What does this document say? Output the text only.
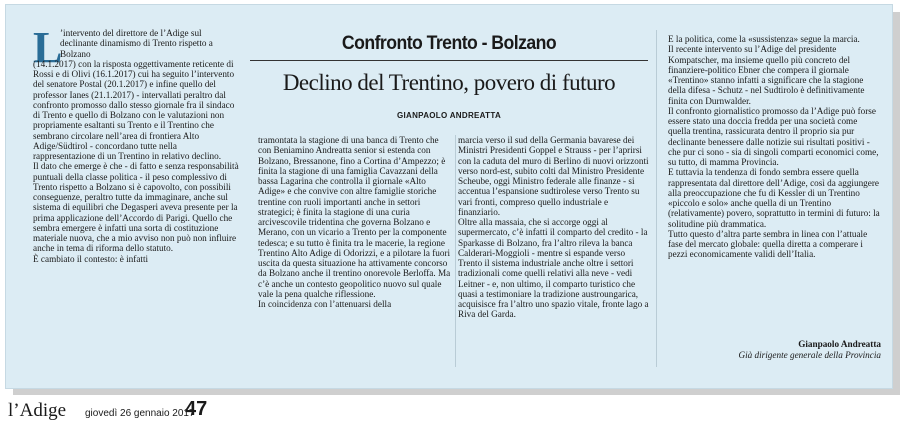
L

’intervento del direttore de l’Adige sul declinante dinamismo di Trento rispetto a Bolzano

(14.1.2017) con la risposta oggettivamente reticente di Rossi e di Olivi (16.1.2017) cui ha seguito l’intervento del senatore Postal (20.1.2017) e infine quello del professor Ianes (21.1.2017) - intervallati peraltro dal confronto promosso dallo stesso giornale fra il sindaco di Trento e quello di Bolzano con le valutazioni non propriamente esaltanti su Trento e il Trentino che sembrano circolare nell’area di frontiera Alto Adige/Südtirol - concordano tutte nella rappresentazione di un Trentino in relativo declino.

Il dato che emerge è che - di fatto e senza responsabilità puntuali della classe politica - il peso complessivo di Trento rispetto a Bolzano si è capovolto, con possibili conseguenze, peraltro tutte da immaginare, anche sul sistema di equilibri che Degasperi aveva presente per la prima applicazione dell’Accordo di Parigi. Quello che sembra emergere è infatti una sorta di costituzione materiale nuova, che a mio avviso non può non influire anche in tema di riforma dello statuto.

È cambiato il contesto: è infatti

Confronto Trento - Bolzano
Declino del Trentino, povero di futuro
GIANPAOLO ANDREATTA

tramontata la stagione di una banca di Trento che con Beniamino Andreatta senior si estenda con Bolzano, Bressanone, fino a Cortina d’Ampezzo; è finita la stagione di una famiglia Cavazzani della bassa Lagarina che controlla il giornale «Alto Adige» e che convive con altre famiglie storiche trentine con ruoli importanti anche in settori strategici; è finita la stagione di una curia arcivescovile tridentina che governa Bolzano e Merano, con un vicario a Trento per la componente tedesca; e su tutto è finita tra le macerie, la regione Trentino Alto Adige di Odorizzi, e a pilotare la fuori uscita da questa situazione ha attivamente concorso da Bolzano anche il trentino onorevole Berloffa. Ma c’è anche un contesto geopolitico nuovo sul quale vale la pena qualche riflessione.

In coincidenza con l’attenuarsi della

marcia verso il sud della Germania bavarese dei Ministri Presidenti Goppel e Strauss - per l’aprirsi con la caduta del muro di Berlino di nuovi orizzonti verso nord-est, subito colti dal Ministro Presidente Scheube, oggi Ministro federale alle finanze - si accentua l’espansione sudtirolese verso Trento su vari fronti, compreso quello industriale e finanziario.

Oltre alla massaia, che si accorge oggi al supermercato, c’è infatti il comparto del credito - la Sparkasse di Bolzano, fra l’altro rileva la banca Calderari-Moggioli - mentre si espande verso Trento il sistema industriale anche oltre i settori tradizionali come quelli relativi alla neve - vedi Leitner - e, non ultimo, il comparto turistico che quasi a testimoniare la tradizione austroungarica, acquisisce fra l’altro uno spazio vitale, fronte lago a Riva del Garda.

E la politica, come la «sussistenza» segue la marcia.

Il recente intervento su l’Adige del presidente Kompatscher, ma insieme quello più concreto del finanziere-politico Ebner che compera il giornale «Trentino» stanno infatti a significare che la stagione della difesa - Schutz - nel Sudtirolo è definitivamente finita con Durnwalder.

Il confronto giornalistico promosso da l’Adige può forse essere stato una doccia fredda per una società come quella trentina, rassicurata dentro il proprio sia pur declinante benessere dalle notizie sui risultati positivi - che pur ci sono - sia di singoli comparti economici come, su tutto, di mamma Provincia.

E tuttavia la tendenza di fondo sembra essere quella rappresentata dal direttore dell’Adige, così da aggiungere alla preoccupazione che fu di Kessler di un Trentino «piccolo e solo» anche quella di un Trentino (relativamente) povero, soprattutto in termini di futuro: la solitudine più drammatica.

Tutto questo d’altra parte sembra in linea con l’attuale fase del mercato globale: quella diretta a comperare i pezzi economicamente validi dell’Italia.

Gianpaolo Andreatta
Già dirigente generale della Provincia
l’Adige giovedì 26 gennaio 2017
47
